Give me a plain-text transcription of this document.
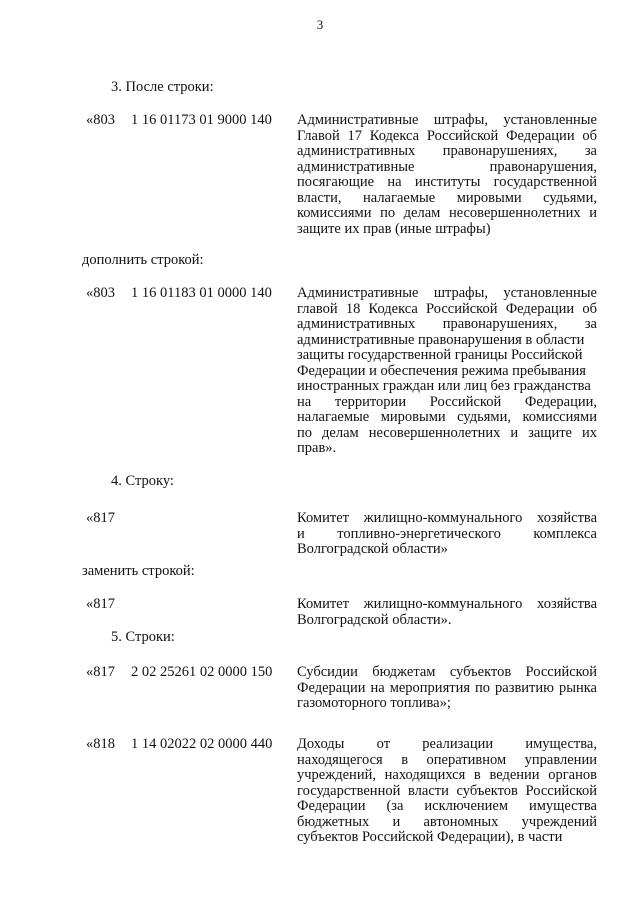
3
3. После строки:
«803 1 16 01173 01 9000 140 Административные штрафы, установленные
Главой 17 Кодекса Российской Федерации об
административных правонарушениях, за
административные	правонарушения,
посягающие на институты государственной
власти, налагаемые мировыми судьями,
комиссиями по делам несовершеннолетних и
защите их прав (иные штрафы)
дополнить строкой:
«803 1 16 01183 01 0000 140 Административные штрафы, установленные
главой 18 Кодекса Российской Федерации об
административных правонарушениях, за
административные правонарушения в области
защиты государственной границы Российской
Федерации и обеспечения режима пребывания
иностранных граждан или лиц без гражданства
на территории Российской Федерации,
налагаемые мировыми судьями, комиссиями
по делам несовершеннолетних и защите их
прав».
4. Строку:
«817	Комитет жилищно-коммунального хозяйства
и топливно-энергетического комплекса
Волгоградской области»
заменить строкой:
«817	Комитет жилищно-коммунального хозяйства
Волгоградской области».
5. Строки:
«817 2 02 25261 02 0000 150 Субсидии бюджетам субъектов Российской
Федерации на мероприятия по развитию рынка
газомоторного топлива»;
«818 1 14 02022 02 0000 440 Доходы от реализации имущества,
находящегося в оперативном управлении
учреждений, находящихся в ведении органов
государственной власти субъектов Российской
Федерации (за исключением имущества
бюджетных и автономных учреждений
субъектов Российской Федерации), в части
